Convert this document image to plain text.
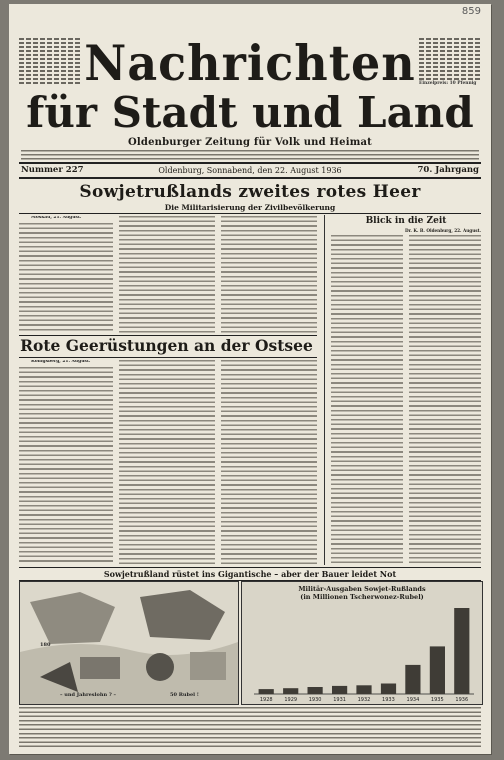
859
Einzelpreis: 10 Pfennig
Nachrichten
für Stadt und Land
Oldenburger Zeitung für Volk und Heimat
Nummer 227	Oldenburg, Sonnabend, den 22. August 1936	70. Jahrgang
Sowjetrußlands zweites rotes Heer
Die Militarisierung der Zivilbevölkerung
Moskau, 21. August.	Blick in die Zeit
Dr. K. B. Oldenburg, 22. August.
Rote Geerüstungen an der Ostsee
Königsberg, 21. August.
Sowjetrußland rüstet ins Gigantische – aber der Bauer leidet Not
180
– und Jahreslohn ? –	50 Rubel !
Militär-Ausgaben Sowjet-Rußlands
(in Millionen Tscherwonez-Rubel)
1928 1929 1930 1931 1932 1933 1934 1935 1936
